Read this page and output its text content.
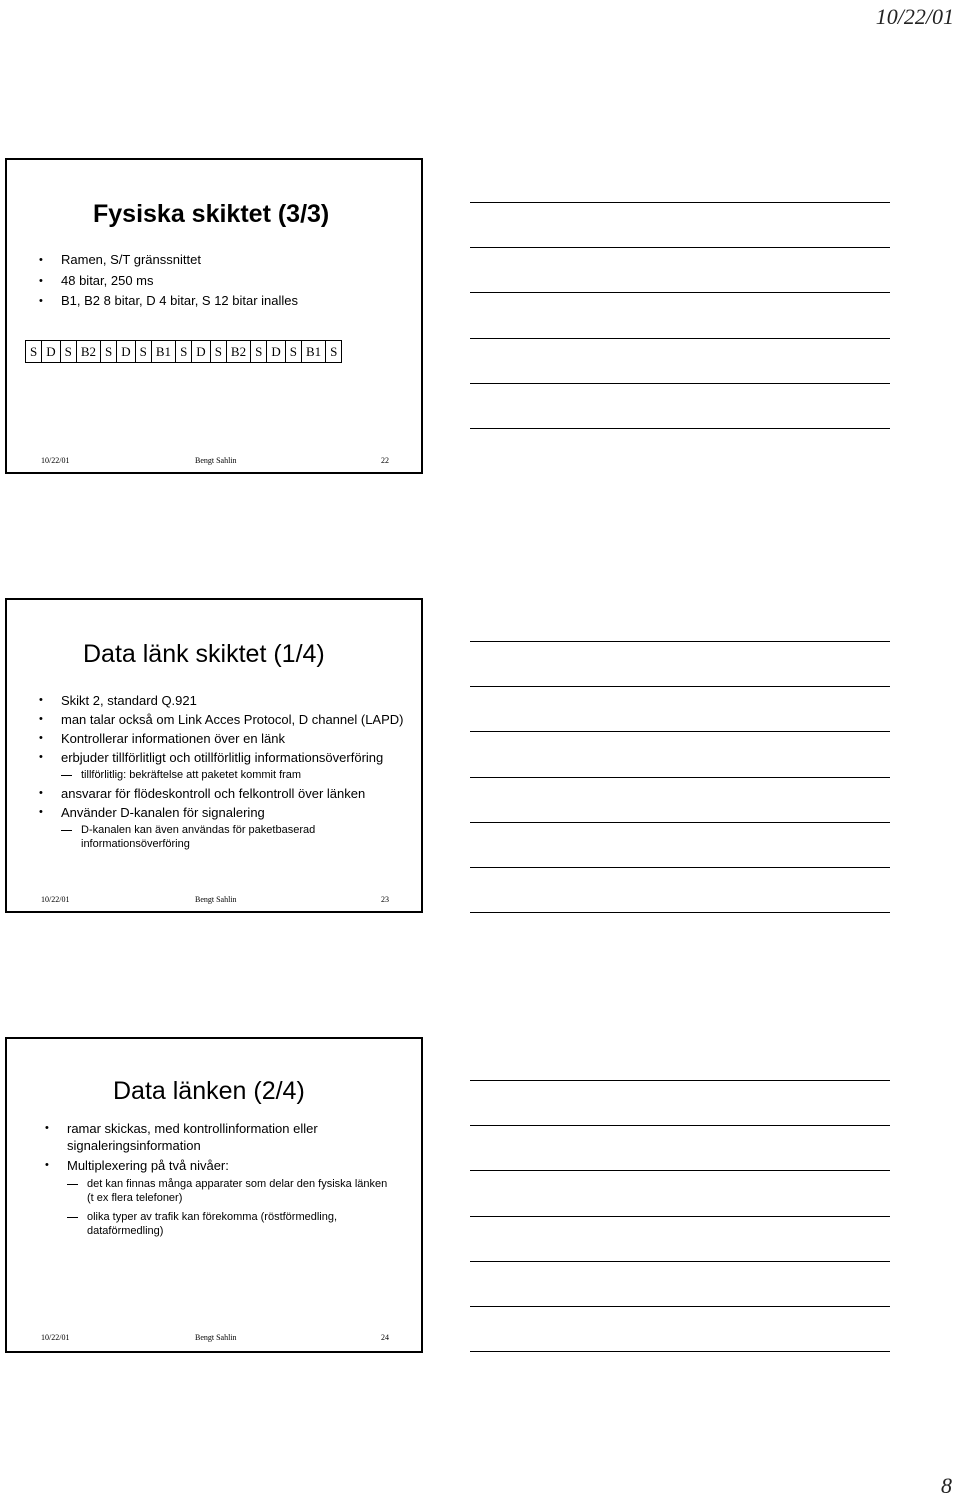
10/22/01
Fysiska skiktet (3/3)
• Ramen, S/T gränssnittet
• 48 bitar, 250 ms
• B1, B2 8 bitar, D 4 bitar, S 12 bitar inalles
S	D	S	B2	S	D	S	B1	S	D	S	B2	S	D	S	B1	S
10/22/01	Bengt Sahlin	22
Data länk skiktet (1/4)
• Skikt 2, standard Q.921
• man talar också om Link Acces Protocol, D channel (LAPD)
• Kontrollerar informationen över en länk
• erbjuder tillförlitligt och otillförlitlig informationsöverföring
tillförlitlig: bekräftelse att paketet kommit fram
• ansvarar för flödeskontroll och felkontroll över länken
• Använder D-kanalen för signalering
D-kanalen kan även användas för paketbaserad informationsöverföring
10/22/01	Bengt Sahlin	23
Data länken (2/4)
• ramar skickas, med kontrollinformation eller signaleringsinformation
• Multiplexering på två nivåer:
det kan finnas många apparater som delar den fysiska länken (t ex flera telefoner)
olika typer av trafik kan förekomma (röstförmedling, dataförmedling)
10/22/01	Bengt Sahlin	24
8
